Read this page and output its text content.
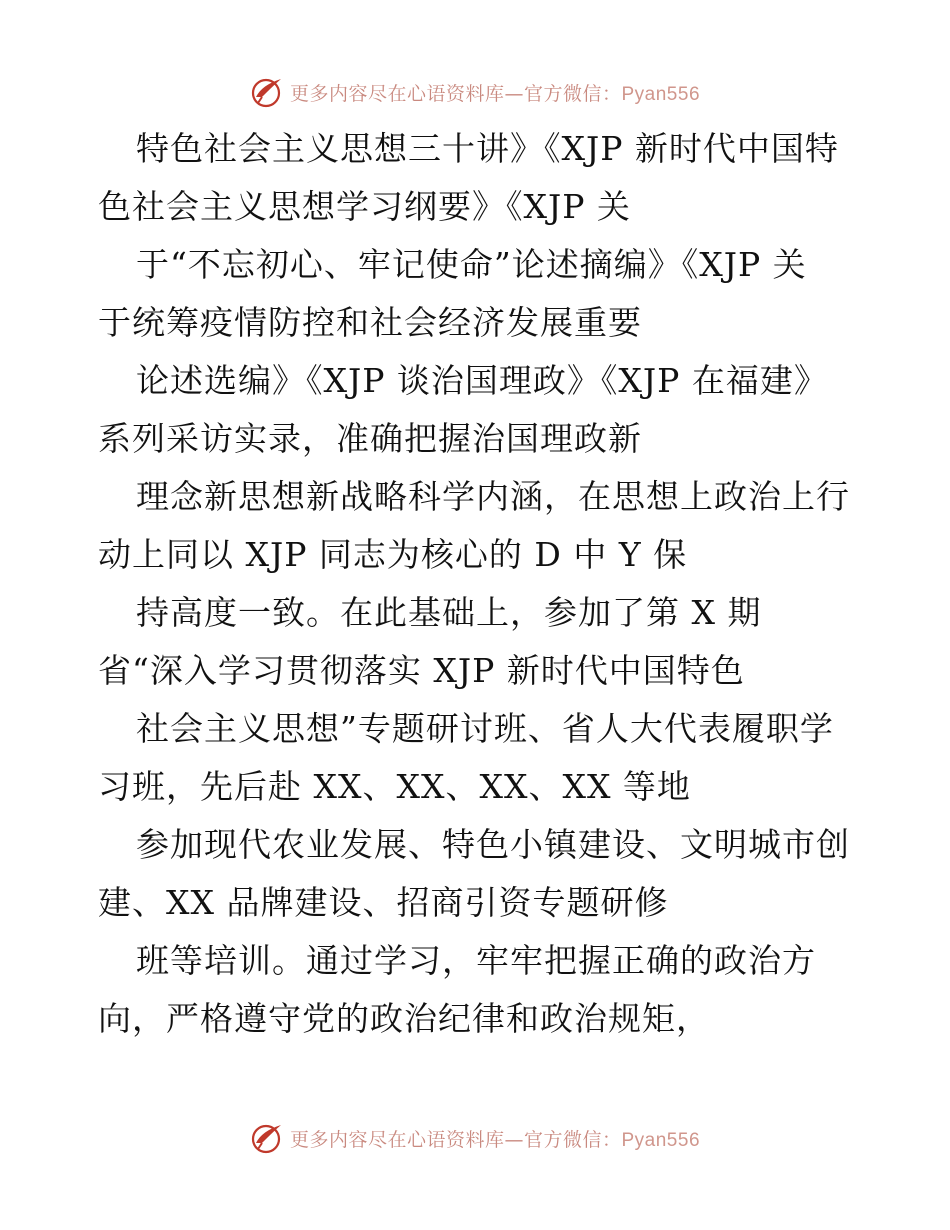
更多内容尽在心语资料库—官方微信：Pyan556
特色社会主义思想三十讲》《XJP 新时代中国特
色社会主义思想学习纲要》《XJP 关
于“不忘初心、牢记使命”论述摘编》《XJP 关
于统筹疫情防控和社会经济发展重要
论述选编》《XJP 谈治国理政》《XJP 在福建》
系列采访实录，准确把握治国理政新
理念新思想新战略科学内涵，在思想上政治上行
动上同以 XJP 同志为核心的 D 中 Y 保
持高度一致。在此基础上，参加了第 X 期
省“深入学习贯彻落实 XJP 新时代中国特色
社会主义思想”专题研讨班、省人大代表履职学
习班，先后赴 XX、XX、XX、XX 等地
参加现代农业发展、特色小镇建设、文明城市创
建、XX 品牌建设、招商引资专题研修
班等培训。通过学习，牢牢把握正确的政治方
向，严格遵守党的政治纪律和政治规矩，
更多内容尽在心语资料库—官方微信：Pyan556
